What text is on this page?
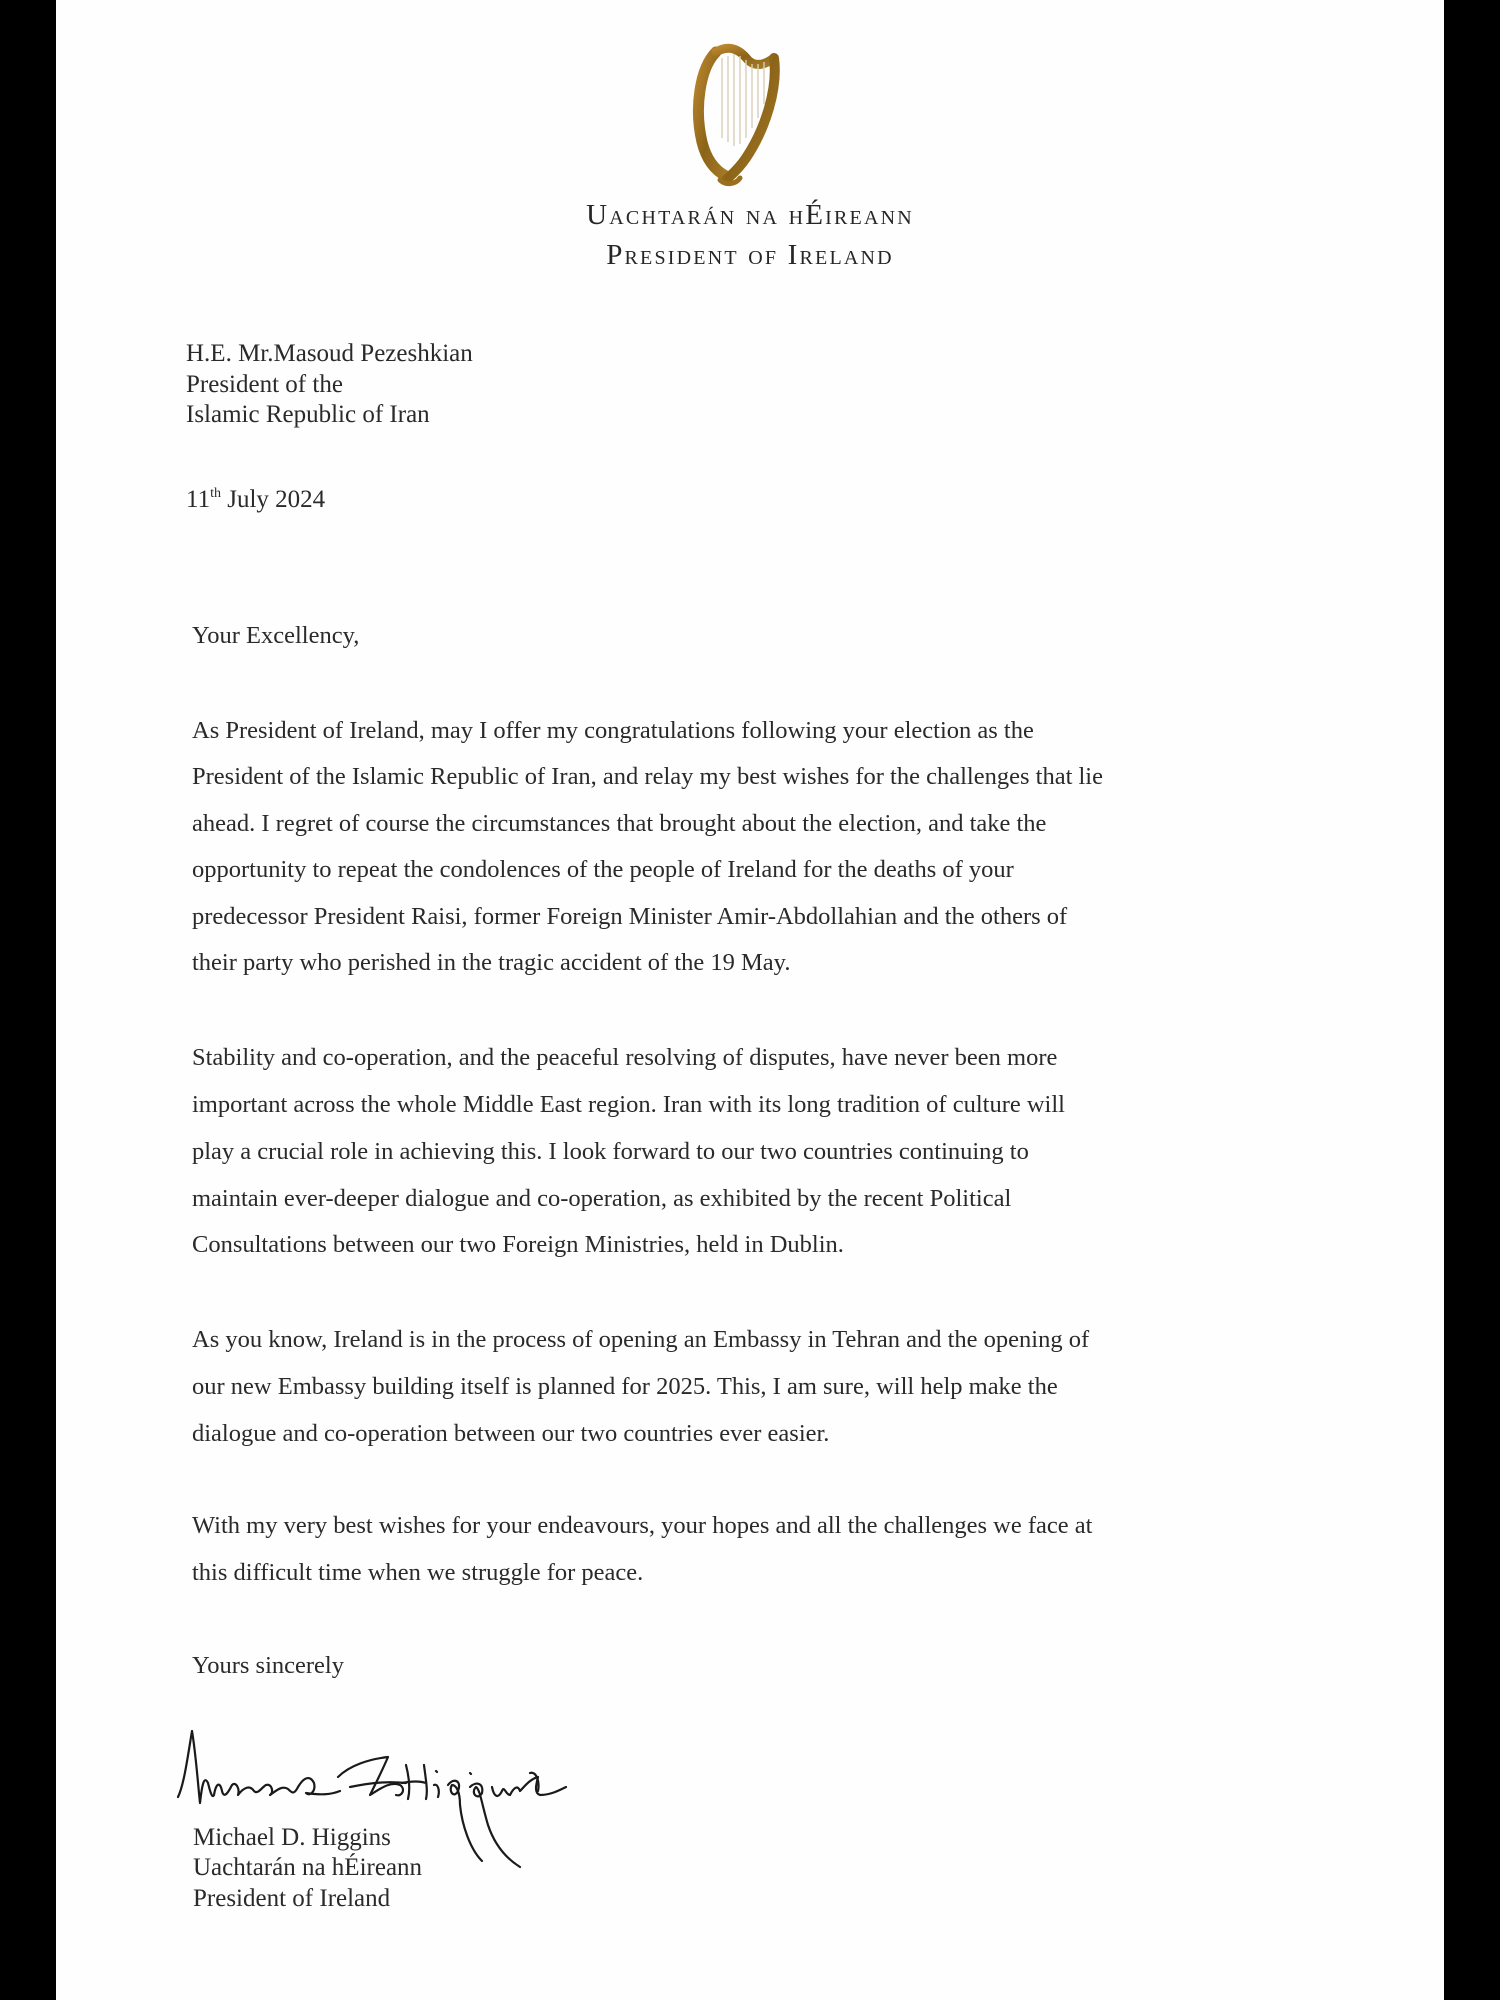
Uachtarán na hÉireann
President of Ireland
H.E. Mr.Masoud Pezeshkian
President of the
Islamic Republic of Iran
11th July 2024
Your Excellency,
As President of Ireland, may I offer my congratulations following your election as the
President of the Islamic Republic of Iran, and relay my best wishes for the challenges that lie
ahead. I regret of course the circumstances that brought about the election, and take the
opportunity to repeat the condolences of the people of Ireland for the deaths of your
predecessor President Raisi, former Foreign Minister Amir-Abdollahian and the others of
their party who perished in the tragic accident of the 19 May.
Stability and co-operation, and the peaceful resolving of disputes, have never been more
important across the whole Middle East region. Iran with its long tradition of culture will
play a crucial role in achieving this. I look forward to our two countries continuing to
maintain ever-deeper dialogue and co-operation, as exhibited by the recent Political
Consultations between our two Foreign Ministries, held in Dublin.
As you know, Ireland is in the process of opening an Embassy in Tehran and the opening of
our new Embassy building itself is planned for 2025. This, I am sure, will help make the
dialogue and co-operation between our two countries ever easier.
With my very best wishes for your endeavours, your hopes and all the challenges we face at
this difficult time when we struggle for peace.
Yours sincerely
Michael D. Higgins
Uachtarán na hÉireann
President of Ireland
